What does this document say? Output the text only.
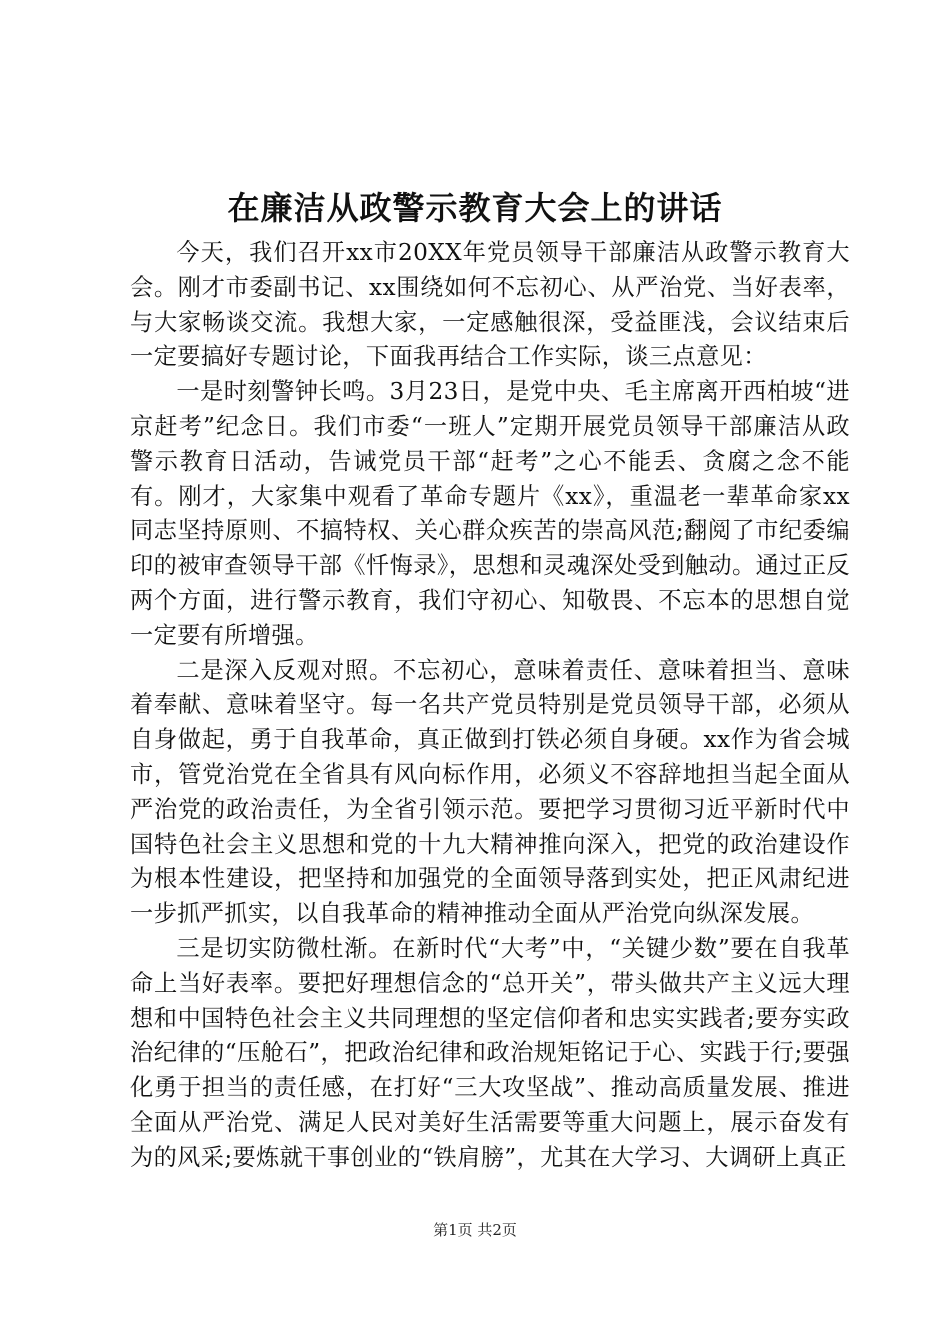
在廉洁从政警示教育大会上的讲话

今天，我们召开xx市20XX年党员领导干部廉洁从政警示教育大会。刚才市委副书记、xx围绕如何不忘初心、从严治党、当好表率，与大家畅谈交流。我想大家，一定感触很深，受益匪浅，会议结束后一定要搞好专题讨论，下面我再结合工作实际，谈三点意见：

一是时刻警钟长鸣。3月23日，是党中央、毛主席离开西柏坡“进京赶考”纪念日。我们市委“一班人”定期开展党员领导干部廉洁从政警示教育日活动，告诫党员干部“赶考”之心不能丢、贪腐之念不能有。刚才，大家集中观看了革命专题片《xx》，重温老一辈革命家xx同志坚持原则、不搞特权、关心群众疾苦的崇高风范;翻阅了市纪委编印的被审查领导干部《忏悔录》，思想和灵魂深处受到触动。通过正反两个方面，进行警示教育，我们守初心、知敬畏、不忘本的思想自觉一定要有所增强。

二是深入反观对照。不忘初心，意味着责任、意味着担当、意味着奉献、意味着坚守。每一名共产党员特别是党员领导干部，必须从自身做起，勇于自我革命，真正做到打铁必须自身硬。xx作为省会城市，管党治党在全省具有风向标作用，必须义不容辞地担当起全面从严治党的政治责任，为全省引领示范。要把学习贯彻习近平新时代中国特色社会主义思想和党的十九大精神推向深入，把党的政治建设作为根本性建设，把坚持和加强党的全面领导落到实处，把正风肃纪进一步抓严抓实，以自我革命的精神推动全面从严治党向纵深发展。

三是切实防微杜渐。在新时代“大考”中，“关键少数”要在自我革命上当好表率。要把好理想信念的“总开关”，带头做共产主义远大理想和中国特色社会主义共同理想的坚定信仰者和忠实实践者;要夯实政治纪律的“压舱石”，把政治纪律和政治规矩铭记于心、实践于行;要强化勇于担当的责任感，在打好“三大攻坚战”、推动高质量发展、推进全面从严治党、满足人民对美好生活需要等重大问题上，展示奋发有为的风采;要炼就干事创业的“铁肩膀”，尤其在大学习、大调研上真正

第1页 共2页
